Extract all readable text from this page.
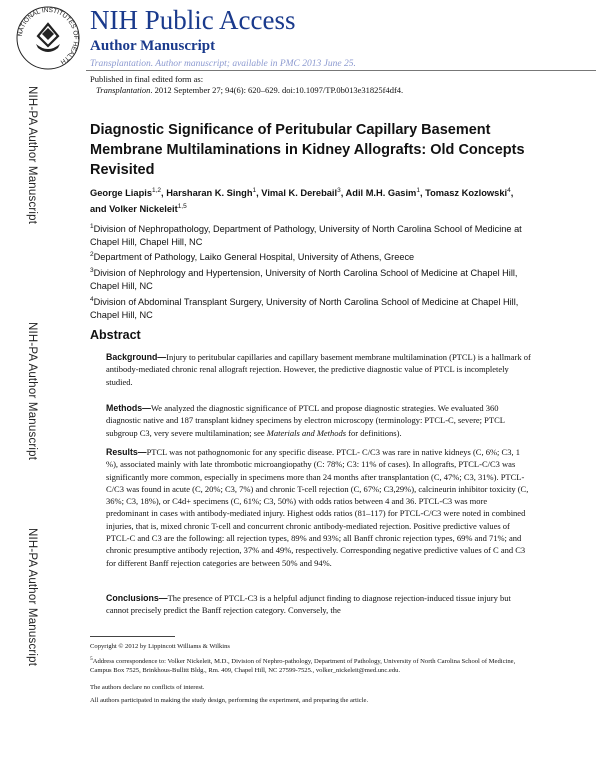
NIH-PA Author Manuscript
NIH-PA Author Manuscript
NIH-PA Author Manuscript
NATIONAL INSTITUTES OF HEALTH
NIH Public Access
Author Manuscript
Transplantation. Author manuscript; available in PMC 2013 June 25.
Published in final edited form as:
Transplantation. 2012 September 27; 94(6): 620–629. doi:10.1097/TP.0b013e31825f4df4.
Diagnostic Significance of Peritubular Capillary Basement Membrane Multilaminations in Kidney Allografts: Old Concepts Revisited
George Liapis$^{1,2}$, Harsharan K. Singh$^1$, Vimal K. Derebail$^3$, Adil M.H. Gasim$^1$, Tomasz Kozlowski$^4$, and Volker Nickeleit$^{1,5}$
$^1$Division of Nephropathology, Department of Pathology, University of North Carolina School of Medicine at Chapel Hill, Chapel Hill, NC
$^2$Department of Pathology, Laiko General Hospital, University of Athens, Greece
$^3$Division of Nephrology and Hypertension, University of North Carolina School of Medicine at Chapel Hill, Chapel Hill, NC
$^4$Division of Abdominal Transplant Surgery, University of North Carolina School of Medicine at Chapel Hill, Chapel Hill, NC
Abstract
Background—Injury to peritubular capillaries and capillary basement membrane multilamination (PTCL) is a hallmark of antibody-mediated chronic renal allograft rejection. However, the predictive diagnostic value of PTCL is incompletely studied.
Methods—We analyzed the diagnostic significance of PTCL and propose diagnostic strategies. We evaluated 360 diagnostic native and 187 transplant kidney specimens by electron microscopy (terminology: PTCL-C, severe; PTCL subgroup C3, very severe multilamination; see Materials and Methods for definitions).
Results—PTCL was not pathognomonic for any specific disease. PTCL- C/C3 was rare in native kidneys (C, 6%; C3, 1 %), associated mainly with late thrombotic microangiopathy (C: 78%; C3: 11% of cases). In allografts, PTCL-C/C3 was significantly more common, especially in specimens more than 24 months after transplantation (C, 47%; C3, 31%). PTCL-C/C3 was found in acute (C, 20%; C3, 7%) and chronic T-cell rejection (C, 67%; C3,29%), calcineurin inhibitor toxicity (C, 36%; C3, 18%), or C4d+ specimens (C, 61%; C3, 50%) with odds ratios between 4 and 36. PTCL-C3 was more predominant in cases with antibody-mediated injury. Highest odds ratios (81–117) for PTCL-C/C3 were noted in combined injuries, that is, mixed chronic T-cell and concurrent chronic antibody-mediated rejection. Positive predictive values of PTCL-C and C3 are the following: all rejection types, 89% and 93%; all Banff chronic rejection types, 69% and 71%; and chronic presumptive antibody rejection, 37% and 49%, respectively. Corresponding negative predictive values of C and C3 for different Banff rejection categories are between 50% and 94%.
Conclusions—The presence of PTCL-C3 is a helpful adjunct finding to diagnose rejection-induced tissue injury but cannot precisely predict the Banff rejection category. Conversely, the
Copyright © 2012 by Lippincott Williams & Wilkins
$^5$Address correspondence to: Volker Nickeleit, M.D., Division of Nephro-pathology, Department of Pathology, University of North Carolina School of Medicine, Campus Box 7525, Brinkhous-Bullitt Bldg., Rm. 409, Chapel Hill, NC 27599-7525., volker_nickeleit@med.unc.edu.
The authors declare no conflicts of interest.
All authors participated in making the study design, performing the experiment, and preparing the article.
